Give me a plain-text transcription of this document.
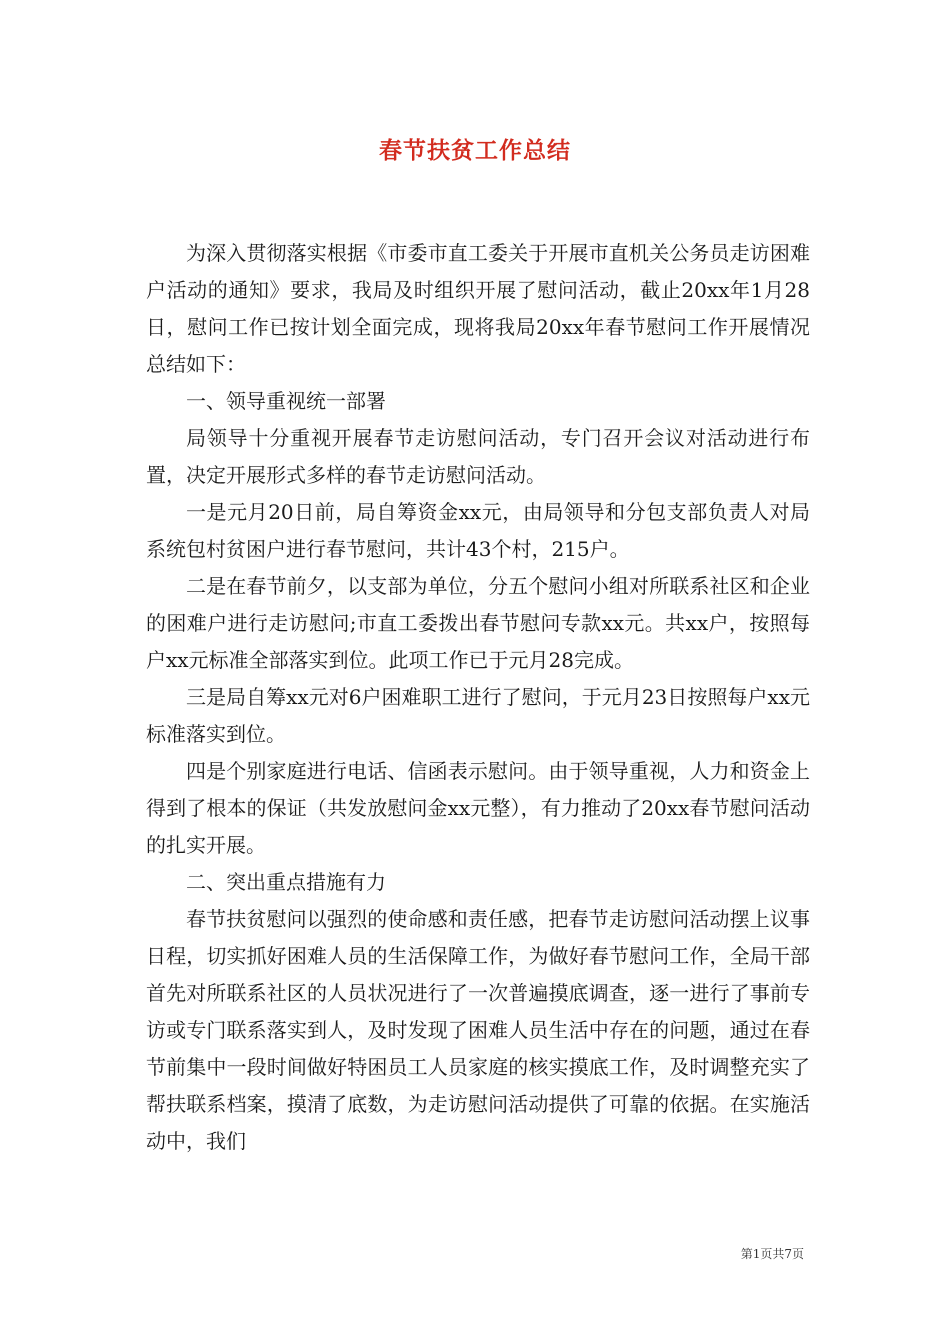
春节扶贫工作总结

为深入贯彻落实根据《市委市直工委关于开展市直机关公务员走访困难户活动的通知》要求，我局及时组织开展了慰问活动，截止20xx年1月28日，慰问工作已按计划全面完成，现将我局20xx年春节慰问工作开展情况总结如下：

一、领导重视统一部署

局领导十分重视开展春节走访慰问活动，专门召开会议对活动进行布置，决定开展形式多样的春节走访慰问活动。

一是元月20日前，局自筹资金xx元，由局领导和分包支部负责人对局系统包村贫困户进行春节慰问，共计43个村，215户。

二是在春节前夕，以支部为单位，分五个慰问小组对所联系社区和企业的困难户进行走访慰问;市直工委拨出春节慰问专款xx元。共xx户，按照每户xx元标准全部落实到位。此项工作已于元月28完成。

三是局自筹xx元对6户困难职工进行了慰问，于元月23日按照每户xx元标准落实到位。

四是个别家庭进行电话、信函表示慰问。由于领导重视，人力和资金上得到了根本的保证（共发放慰问金xx元整），有力推动了20xx春节慰问活动的扎实开展。

二、突出重点措施有力

春节扶贫慰问以强烈的使命感和责任感，把春节走访慰问活动摆上议事日程，切实抓好困难人员的生活保障工作，为做好春节慰问工作，全局干部首先对所联系社区的人员状况进行了一次普遍摸底调查，逐一进行了事前专访或专门联系落实到人，及时发现了困难人员生活中存在的问题，通过在春节前集中一段时间做好特困员工人员家庭的核实摸底工作，及时调整充实了帮扶联系档案，摸清了底数，为走访慰问活动提供了可靠的依据。在实施活动中，我们

第1页共7页
